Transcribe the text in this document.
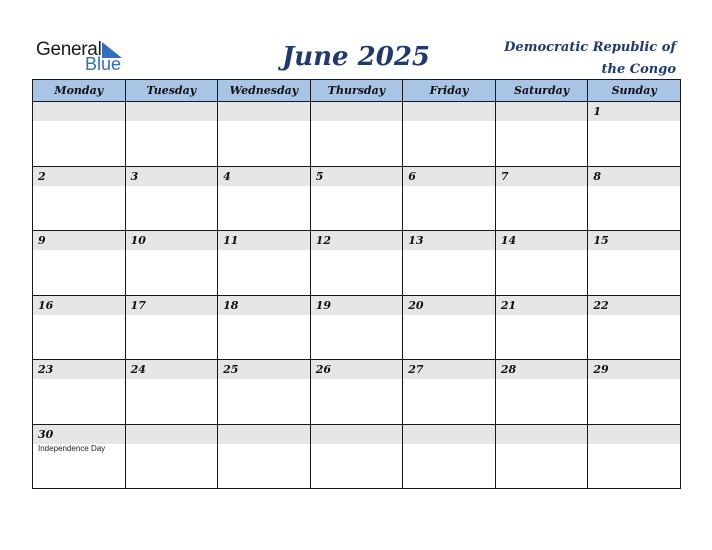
General
Blue	June 2025	Democratic Republic of
the Congo
Monday	Tuesday	Wednesday	Thursday	Friday	Saturday	Sunday

						1

2	3	4	5	6	7	8

9	10	11	12	13	14	15

16	17	18	19	20	21	22

23	24	25	26	27	28	29

30
Independence Day						
